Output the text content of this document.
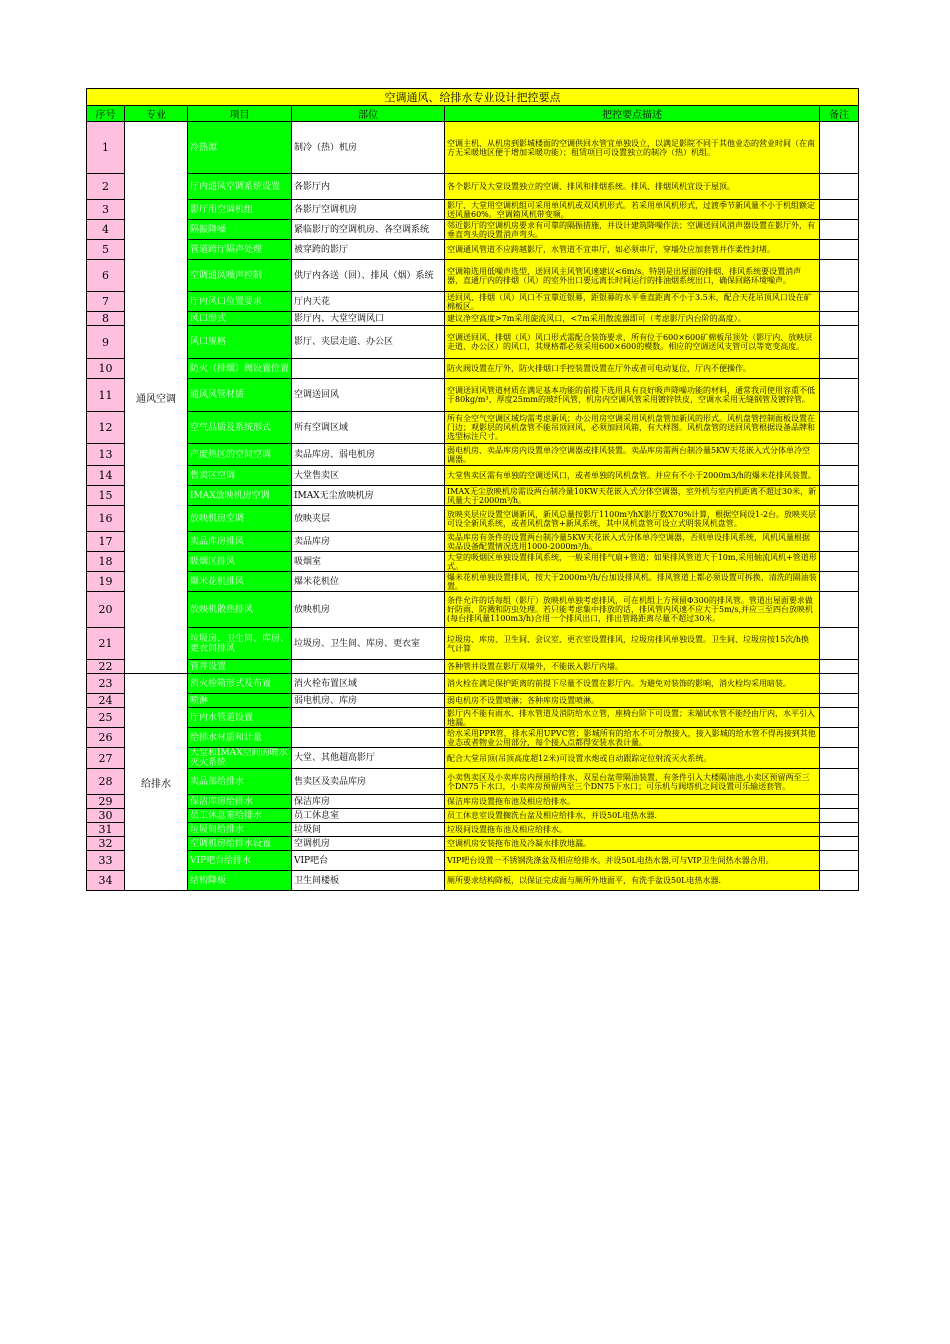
空调通风、给排水专业设计把控要点					
序号	专业	项目	部位	把控要点描述	备注
1	通风空调	冷热源	制冷（热）机房	空调主机、从机房到影城楼面的空调供回水管宜单独设立，以满足影院不同于其他业态的营业时间（在南方无采暖地区便于增加采暖功能）；租赁项目可设置独立的制冷（热）机组。	
2		厅内通风空调系统设置	各影厅内	各个影厅及大堂设置独立的空调、排风和排烟系统。排风、排烟风机宜设于屋顶。	
3		影厅用空调机组	各影厅空调机房	影厅、大堂用空调机组可采用单风机或双风机形式。若采用单风机形式，过渡季节新风量不小于机组额定送风量60%。空调箱风机带变频。	
4		隔振降噪	紧临影厅的空调机房、各空调系统	邻近影厅的空调机房要求有可靠的隔振措施，并设计建筑降噪作法；空调送回风消声器设置在影厅外，有垂直弯头的设置消声弯头。	
5		管道跨厅隔声处理	被穿跨的影厅	空调通风管道不应跨越影厅，水管道不宜串厅，如必须串厅，穿墙处应加套管并作柔性封堵。	
6		空调通风噪声控制	供厅内各送（回）、排风（烟）系统	空调箱选用低噪声选型，送回风主风管风速建议<6m/s。特别是出屋面的排烟、排风系统要设置消声器，直通厅内的排烟（风）的室外出口要远离长时间运行的排油烟系统出口，确保回路环境噪声。	
7		厅内风口位置要求	厅内天花	送回风、排烟（风）风口不宜靠近银幕，距银幕的水平垂直距离不小于3.5米，配合天花吊顶风口设在矿棉板区。	
8		风口形式	影厅内、大堂空调风口	建议净空高度>7m采用旋流风口，<7m采用散流器即可（考虑影厅内台阶的高度）。	
9		风口规格	影厅、夹层走道、办公区	空调送回风、排烟（风）风口形式需配合装饰要求，所有位于600×600矿棉板吊顶处（影厅内、放映层走道、办公区）的风口，其规格都必须采用600×600的模数。相应的空调送风支管可以等宽变高度。	
10		防火（排烟）阀设置位置		防火阀设置在厅外，防火排烟口手控装置设置在厅外或者可电动复位，厅内不便操作。	
11		通风风管材质	空调送回风	空调送回风管道材质在满足基本功能的前提下选用具有良好吸声降噪功能的材料，通常我司使用容重不低于80kg/m³、厚度25mm的玻纤风管，机房内空调风管采用镀锌铁皮，空调水采用无缝钢管及镀锌管。	
12		空气品质及系统形式	所有空调区域	所有全空气空调区域均需考虑新风；办公用房空调采用风机盘管加新风的形式。风机盘管控制面板设置在门边；观影层的风机盘管不能吊顶回风，必须加回风箱，有大样图。风机盘管的送回风管根据设备品牌和选型标注尺寸。	
13		产废热区的空间空调	卖品库房、弱电机房	弱电机房、卖品库房内设置单冷空调器或排风装置。卖品库房需两台制冷量5KW天花嵌入式分体单冷空调器。	
14		售卖区空调	大堂售卖区	大堂售卖区需有单独的空调送风口，或者单独的风机盘管。并应有不小于2000m3/h的爆米花排风装置。	
15		IMAX放映机房空调	IMAX无尘放映机房	IMAX无尘放映机房需设两台制冷量10KW天花嵌入式分体空调器，室外机与室内机距离不超过30米，新风量大于2000m³/h。	
16		放映机房空调	放映夹层	放映夹层应设置空调新风，新风总量按影厅1100m³/hX影厅数X70%计算，根据空间设1-2台。放映夹层可设全新风系统，或者风机盘管+新风系统，其中风机盘管可设立式明装风机盘管。	
17		卖品库房排风	卖品库房	卖品库房有条件的设置两台制冷量5KW天花嵌入式分体单冷空调器，否则单设排风系统，风机风量根据卖品设备配置情况选用1000-2000m³/h。	
18		吸烟区排风	吸烟室	大堂的吸烟区单独设置排风系统，一般采用排气扇+管道；如果排风管道大于10m,采用轴流风机+管道形式。	
19		爆米花机排风	爆米花机位	爆米花机单独设置排风，按大于2000m³/h/台加设排风机。排风管道上都必须设置可拆换、清洗的隔油装置。	
20		放映机散热排风	放映机房	条件允许的话每组（影厅）放映机单独考虑排风，可在机组上方预留Φ300的排风管。管道出屋面要求做好防雨、防溅和防虫处理。若只能考虑集中排放的话，排风管内风速不应大于5m/s,并应三至四台放映机(每台排风量1100m3/h)合用一个排风出口，排出管路距离尽量不超过30米。	
21		垃圾房、卫生间、库房、更衣间排风	垃圾房、卫生间、库房、更衣室	垃圾房、库房、卫生间、会议室、更衣室设置排风，垃圾房排风单独设置。卫生间、垃圾房按15次/h换气计算	
22		管井设置		各种管井设置在影厅双墙外，不能嵌入影厅内墙。	
23	给排水	消火栓箱形式及布置	消火栓布置区域	消火栓在满足保护距离的前提下尽量不设置在影厅内。为避免对装饰的影响，消火栓均采用暗装。	
24		喷淋	弱电机房、库房	弱电机房不设置喷淋；各种库房设置喷淋。	
25		厅内水管道设置		影厅内不能有雨水、排水管道及消防给水立管，座椅台阶下可设置；末端试水管不能经由厅内，水平引入地漏。	
26		给排水材质和计量		给水采用PPR管，排水采用UPVC管；影城所有的给水不可分散接入，接入影城的给水管不得再接到其他业态或者物业公用部分，每个接入点都得安装水表计量。	
27		大堂和IMAX空间的喷水灭火系统	大堂、其他超高影厅	配合大堂吊顶(吊顶高度超12米)可设置水炮或自动跟踪定位射流灭火系统。	
28		卖品部给排水	售卖区及卖品库房	小卖售卖区及小卖库房内预留给排水，双星台盆带隔油装置，有条件引入大楼隔油池,小卖区预留两至三个DN75下水口，小卖库房预留两至三个DN75下水口；可乐机与阀塔机之间设置可乐输送套管。	
29		保洁库房给排水	保洁库房	保洁库房设置拖布池及相应给排水。	
30		员工休息室给排水	员工休息室	员工休息室设置搁洗台盆及相应给排水，并设50L电热水器.	
31		垃圾间给排水	垃圾间	垃圾间设置拖布池及相应给排水。	
32		空调机房给排水设置	空调机房	空调机房安装拖布池及冷凝水排放地漏。	
33		VIP吧台给排水	VIP吧台	VIP吧台设置一不锈钢洗涤盆及相应给排水。并设50L电热水器,可与VIP卫生间热水器合用。	
34		结构降板	卫生间楼板	厕所要求结构降板，以保证完成面与厕所外地面平，有洗手盆设50L电热水器.	
